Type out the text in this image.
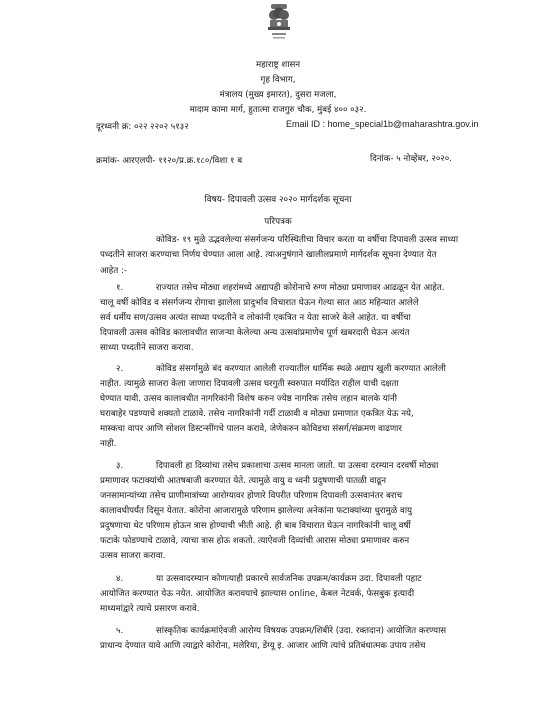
महाराष्ट्र शासन
गृह विभाग,
मंत्रालय (मुख्य इमारत), दुसरा मजला,
मादाम कामा मार्ग, हुतात्मा राजगुरु चौक, मुंबई ४०० ०३२.
दूरध्वनी क्र: ०२२ २२०२ ५१३२	Email ID : home_special1b@maharashtra.gov.in
क्रमांक- आरएलपी- ११२०/प्र.क्र.१८०/विशा १ ब	दिनांक- ५ नोव्हेंबर, २०२०.
विषय- दिपावली उत्सव २०२० मार्गदर्शक सूचना
परिपत्रक
कोविड- १९ मुळे उद्भवलेल्या संसर्गजन्य परिस्थितीचा विचार करता या वर्षीचा दिपावली उत्सव साध्या
पध्दतीने साजरा करण्याचा निर्णय घेण्यात आला आहे. त्याअनुषंगाने खालीलप्रमाणे मार्गदर्शक सूचना देण्यात येत
आहेत :-
१.	राज्यात तसेच मोठ्या शहरांमध्ये अद्यापही कोरोनाचे रुग्ण मोठ्या प्रमाणावर आढळून येत आहेत.
चालू वर्षी कोविड व संसर्गजन्य रोगाचा झालेला प्रादुर्भाव विचारात घेऊन गेल्या सात आठ महिन्यात आलेले
सर्व धर्मीय सण/उत्सव अत्यंत साध्या पध्दतीने व लोकांनी एकत्रित न येता साजरे केले आहेत. या वर्षीचा
दिपावली उत्सव कोविड कालावधीत साजऱ्या केलेल्या अन्य उत्सवांप्रमाणेच पूर्ण खबरदारी घेऊन अत्यंत
साध्या पध्दतीने साजरा करावा.
२.	कोविड संसर्गामुळे बंद करण्यात आलेली राज्यातील धार्मिक स्थळे अद्याप खुली करण्यात आलेली
नाहीत. त्यामुळे साजरा केला जाणारा दिपावली उत्सव घरगुती स्वरुपात मर्यादित राहील याची दक्षता
घेण्यात यावी. उत्सव कालावधीत नागरिकांनी विशेष करुन ज्येष्ठ नागरिक तसेच लहान बालके यांनी
घराबाहेर पडण्याचे शक्यतो टाळावे. तसेच नागरिकांनी गर्दी टाळावी व मोठ्या प्रमाणात एकत्रित येऊ नये,
मास्कचा वापर आणि सोशल डिस्टन्सींगचे पालन करावे, जेणेकरुन कोविडचा संसर्ग/संक्रमण वाढणार
नाही.
३.	दिपावली हा दिव्यांचा तसेच प्रकाशाचा उत्सव मानला जातो. या उत्सवा दरम्यान दरवर्षी मोठ्या
प्रमाणावर फटाक्यांची आतषबाजी करण्यात येते. त्यामुळे वायु व ध्वनी प्रदुषणाची पातळी वाढून
जनसामान्यांच्या तसेच प्राणीमात्रांच्या आरोग्यावर होणारे विपरीत परिणाम दिपावली उत्सवानंतर बराच
कालावधीपर्यंत दिसून येतात. कोरोना आजारामुळे परिणाम झालेल्या अनेकांना फटाक्यांच्या धुरामुळे वायु
प्रदुषणाचा थेट परिणाम होऊन त्रास होण्याची भीती आहे. ही बाब विचारात घेऊन नागरिकांनी चालू वर्षी
फटाके फोडण्याचे टाळावे, त्याचा त्रास होऊ शकतो. त्याऐवजी दिव्यांची आरास मोठ्या प्रमाणावर करुन
उत्सव साजरा करावा.
४.	या उत्सवादरम्यान कोणत्याही प्रकारचे सार्वजनिक उपक्रम/कार्यक्रम उदा. दिपावली पहाट
आयोजित करण्यात येऊ नयेत. आयोजित करावयाचे झाल्यास online, केबल नेटवर्क, फेसबुक इत्यादी
माध्यमांद्वारे त्याचे प्रसारण करावे.
५.	सांस्कृतिक कार्यक्रमांऐवजी आरोग्य विषयक उपक्रम/शिबीरे (उदा. रक्तदान) आयोजित करण्यास
प्राधान्य देण्यात यावे आणि त्याद्वारे कोरोना, मलेरिया, डेंग्यू इ. आजार आणि त्यांचे प्रतिबंधात्मक उपाय तसेच
